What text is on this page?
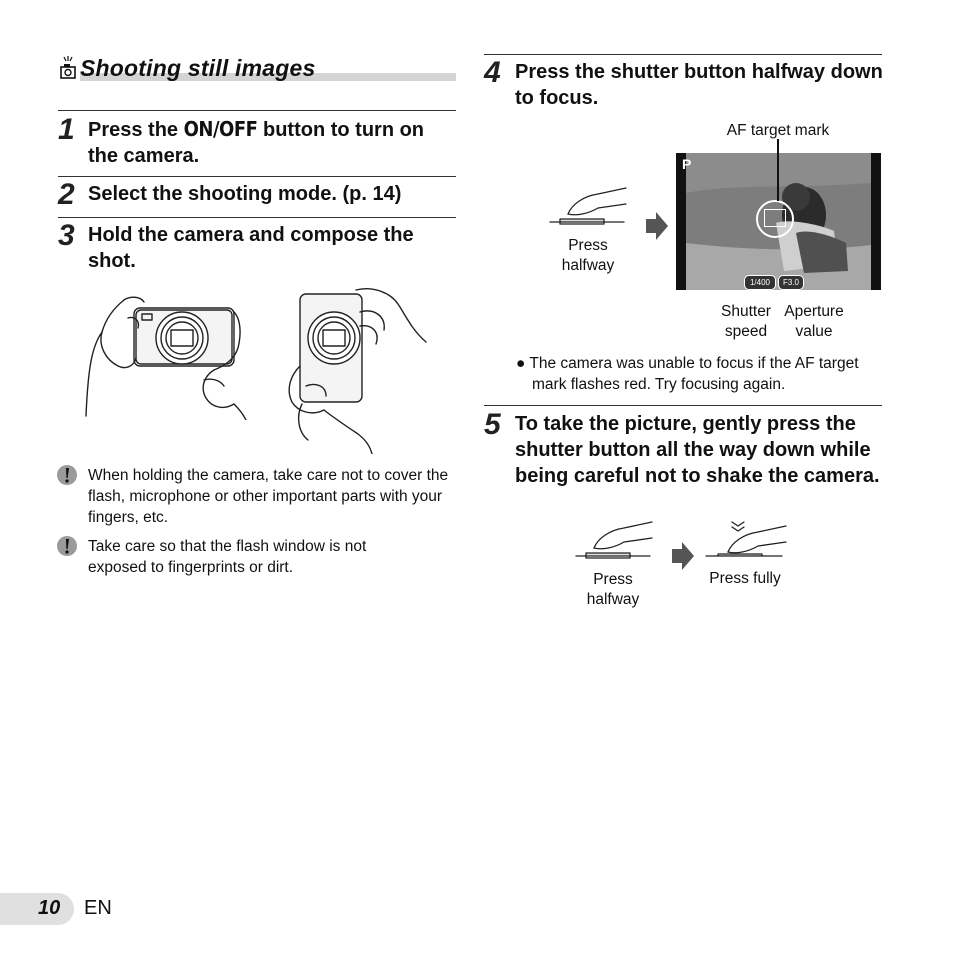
Shooting still images
1 Press the ON/OFF button to turn on the camera.
2 Select the shooting mode. (p. 14)
3 Hold the camera and compose the shot.
When holding the camera, take care not to cover the flash, microphone or other important parts with your fingers, etc.
Take care so that the flash window is not exposed to fingerprints or dirt.
4 Press the shutter button halfway down to focus.
AF target mark
Press halfway
P
1/400	F3.0
Shutter speed
Aperture value
● The camera was unable to focus if the AF target mark flashes red. Try focusing again.
5 To take the picture, gently press the shutter button all the way down while being careful not to shake the camera.
Press halfway
Press fully
10 EN
